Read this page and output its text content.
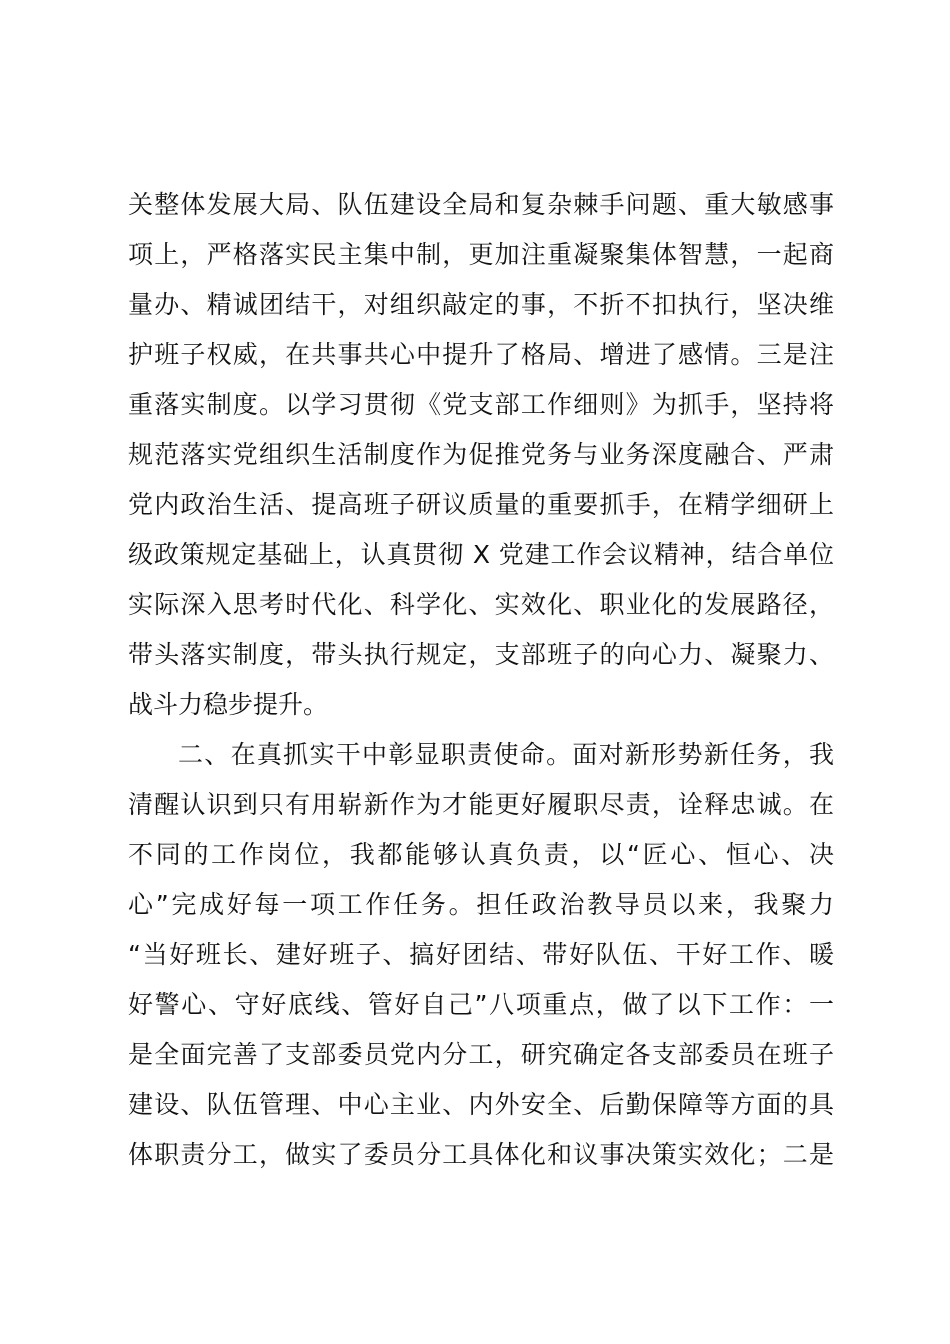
关整体发展大局、队伍建设全局和复杂棘手问题、重大敏感事
项上，严格落实民主集中制，更加注重凝聚集体智慧，一起商
量办、精诚团结干，对组织敲定的事，不折不扣执行，坚决维
护班子权威，在共事共心中提升了格局、增进了感情。三是注
重落实制度。以学习贯彻《党支部工作细则》为抓手，坚持将
规范落实党组织生活制度作为促推党务与业务深度融合、严肃
党内政治生活、提高班子研议质量的重要抓手，在精学细研上
级政策规定基础上，认真贯彻 X 党建工作会议精神，结合单位
实际深入思考时代化、科学化、实效化、职业化的发展路径，
带头落实制度，带头执行规定，支部班子的向心力、凝聚力、
战斗力稳步提升。
二、在真抓实干中彰显职责使命。面对新形势新任务，我
清醒认识到只有用崭新作为才能更好履职尽责，诠释忠诚。在
不同的工作岗位，我都能够认真负责，以“匠心、恒心、决
心”完成好每一项工作任务。担任政治教导员以来，我聚力
“当好班长、建好班子、搞好团结、带好队伍、干好工作、暖
好警心、守好底线、管好自己”八项重点，做了以下工作：一
是全面完善了支部委员党内分工，研究确定各支部委员在班子
建设、队伍管理、中心主业、内外安全、后勤保障等方面的具
体职责分工，做实了委员分工具体化和议事决策实效化；二是
